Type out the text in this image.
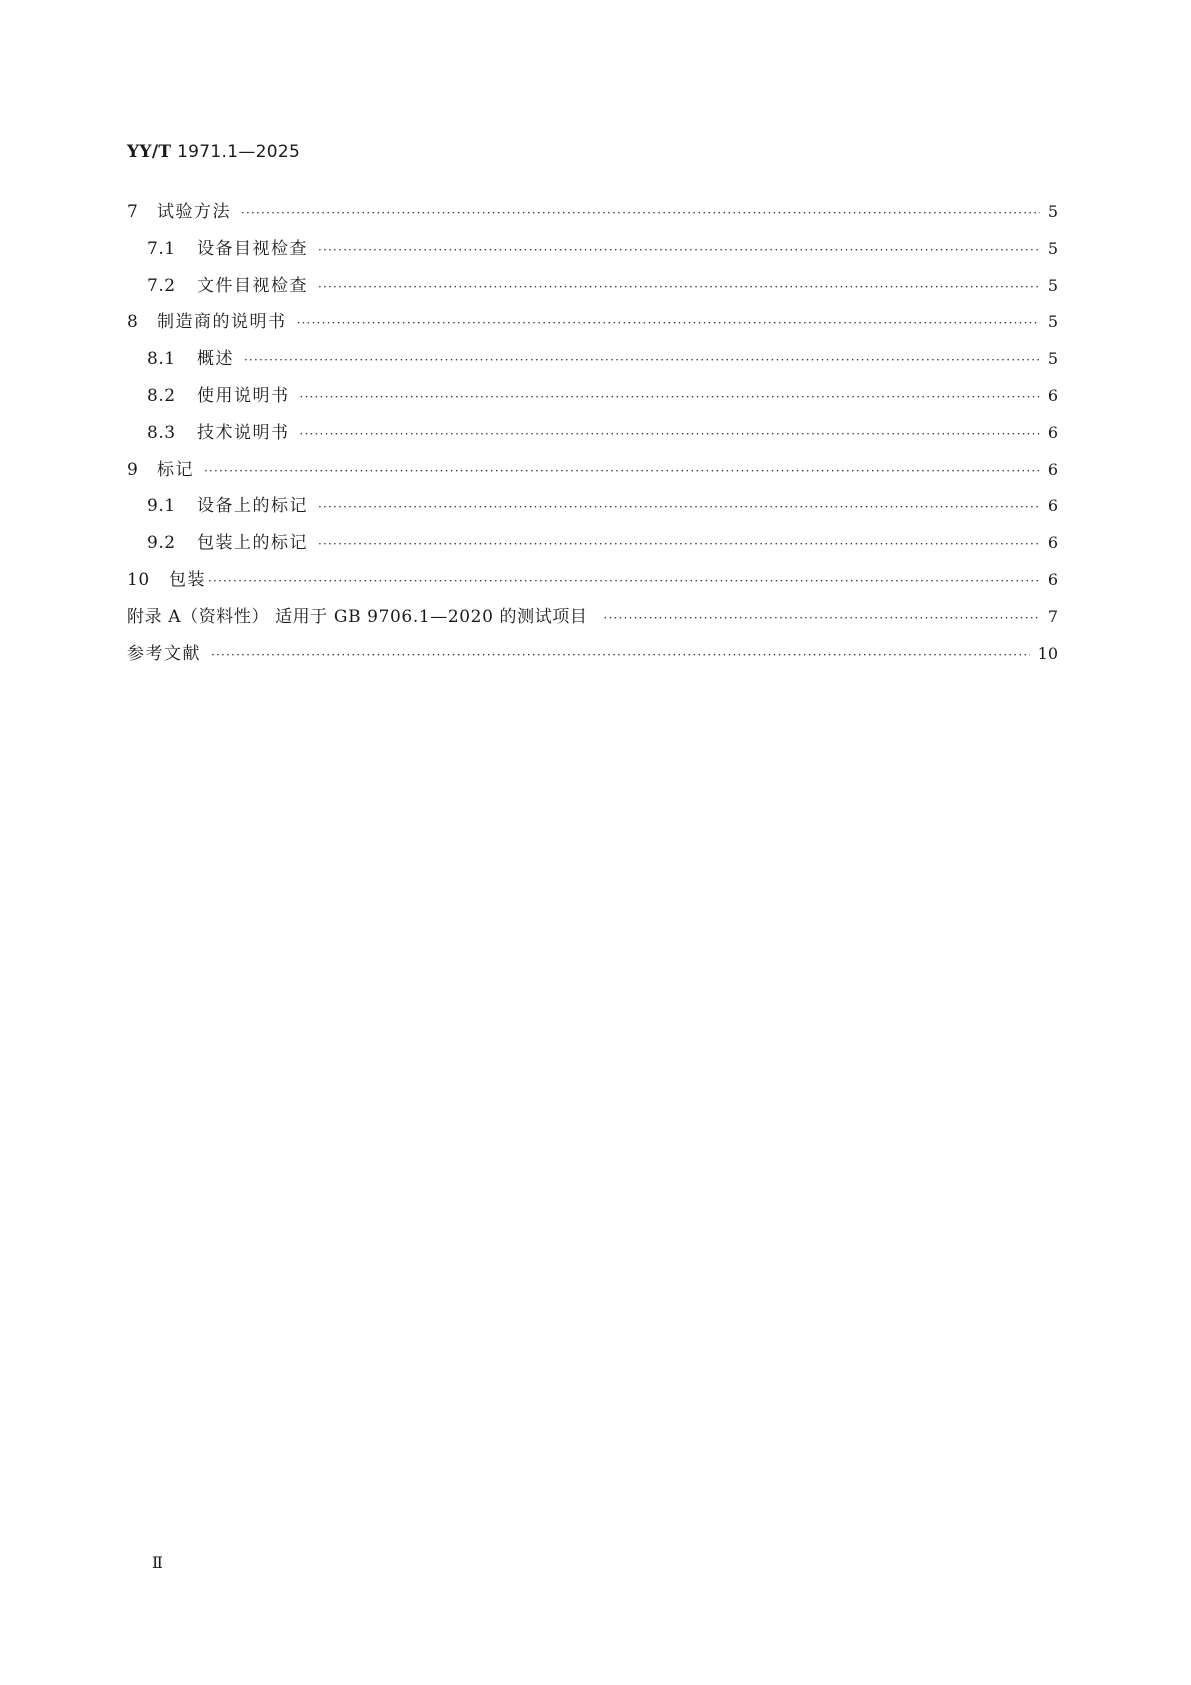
YY/T 1971.1—2025
7	试验方法 ·····	5
7.1	设备目视检查 ·····	5
7.2	文件目视检查 ·····	5
8	制造商的说明书 ·····	5
8.1	概述 ·····	5
8.2	使用说明书 ·····	6
8.3	技术说明书 ·····	6
9	标记 ·····	6
9.1	设备上的标记 ·····	6
9.2	包装上的标记 ·····	6
10	包装 ·····	6
附录 A（资料性） 适用于 GB 9706.1—2020 的测试项目 ·····	7
参考文献 ·····	10
Ⅱ
